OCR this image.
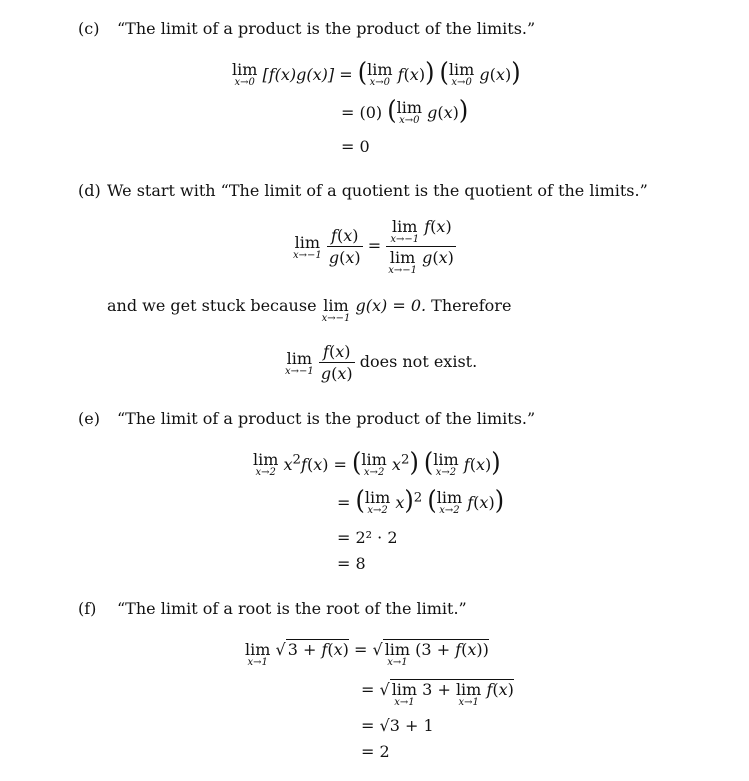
(c) “The limit of a product is the product of the limits.”
lim
x→0 [f(x)g(x)] = ( lim
x→0 f(x)) ( lim
x→0 g(x))
= (0) ( lim
x→0 g(x))
= 0
(d) We start with “The limit of a quotient is the quotient of the limits.”
lim
x→−1
$\frac{f(x)}{g(x)} = \lim$
x→−1
f(x)
lim
x→−1
g(x)
and we get stuck because lim
x→−1
g(x) = 0. Therefore
lim
x→−1
$\frac{f(x)}{g(x)}$ does not exist.
(e) “The limit of a product is the product of the limits.”
lim
x→2 $x^2f(x)$ = ( lim
x→2 $x^2$) ( lim
x→2 f(x))
= ( lim
x→2 x)$^2$ ( lim
x→2 f(x))
= 2² · 2
= 8
(f) “The limit of a root is the root of the limit.”
lim
x→1
√ 3 + f(x) = √ lim
x→1
(3 + f(x))
= √ lim
x→1
3 + lim
x→1
f(x)
= √3 + 1
= 2
